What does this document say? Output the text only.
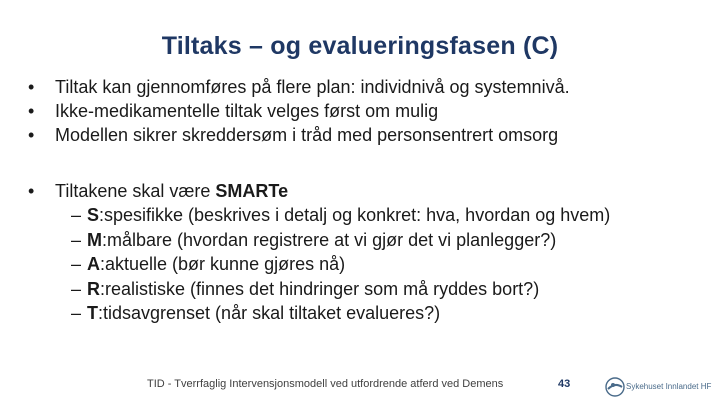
Tiltaks – og evalueringsfasen (C)
• Tiltak kan gjennomføres på flere plan: individnivå og systemnivå.
• Ikke-medikamentelle tiltak velges først om mulig
• Modellen sikrer skreddersøm i tråd med personsentrert omsorg
• Tiltakene skal være SMARTe
– S:spesifikke (beskrives i detalj og konkret: hva, hvordan og hvem)
– M:målbare (hvordan registrere at vi gjør det vi planlegger?)
– A:aktuelle (bør kunne gjøres nå)
– R:realistiske (finnes det hindringer som må ryddes bort?)
– T:tidsavgrenset (når skal tiltaket evalueres?)
TID - Tverrfaglig Intervensjonsmodell ved utfordrende atferd ved Demens	43	Sykehuset Innlandet HF
